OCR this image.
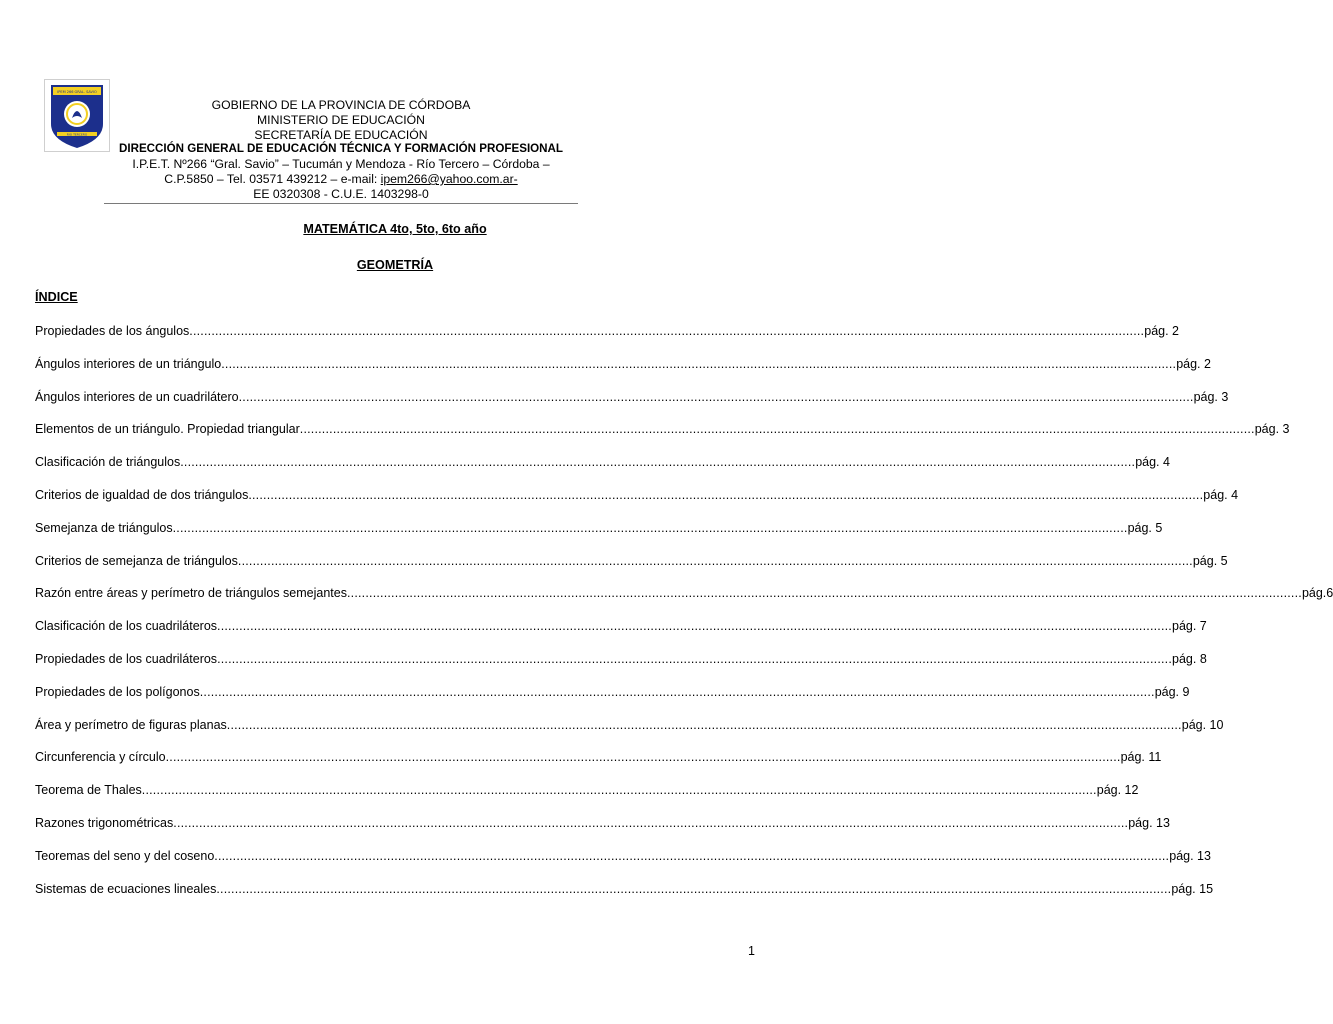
IPEM 266 GRAL. SAVIO
RIO TERCERO
GOBIERNO DE LA PROVINCIA DE CÓRDOBA
MINISTERIO DE EDUCACIÓN
SECRETARÍA DE EDUCACIÓN
DIRECCIÓN GENERAL DE EDUCACIÓN TÉCNICA Y FORMACIÓN PROFESIONAL
I.P.E.T. Nº266 “Gral. Savio” – Tucumán y Mendoza - Río Tercero – Córdoba –
C.P.5850 – Tel. 03571 439212 – e-mail: ipem266@yahoo.com.ar-
EE 0320308 - C.U.E. 1403298-0
MATEMÁTICA 4to, 5to, 6to año
GEOMETRÍA
ÍNDICE
Propiedades de los ángulos .................................................................................................................................................................................................................................................................... pág. 2
Ángulos interiores de un triángulo .................................................................................................................................................................................................................................................................... pág. 2
Ángulos interiores de un cuadrilátero .................................................................................................................................................................................................................................................................... pág. 3
Elementos de un triángulo. Propiedad triangular .................................................................................................................................................................................................................................................................... pág. 3
Clasificación de triángulos .................................................................................................................................................................................................................................................................... pág. 4
Criterios de igualdad de dos triángulos .................................................................................................................................................................................................................................................................... pág. 4
Semejanza de triángulos .................................................................................................................................................................................................................................................................... pág. 5
Criterios de semejanza de triángulos .................................................................................................................................................................................................................................................................... pág. 5
Razón entre áreas y perímetro de triángulos semejantes .................................................................................................................................................................................................................................................................... pág.6
Clasificación de los cuadriláteros .................................................................................................................................................................................................................................................................... pág. 7
Propiedades de los cuadriláteros .................................................................................................................................................................................................................................................................... pág. 8
Propiedades de los polígonos .................................................................................................................................................................................................................................................................... pág. 9
Área y perímetro de figuras planas .................................................................................................................................................................................................................................................................... pág. 10
Circunferencia y círculo .................................................................................................................................................................................................................................................................... pág. 11
Teorema de Thales .................................................................................................................................................................................................................................................................... pág. 12
Razones trigonométricas .................................................................................................................................................................................................................................................................... pág. 13
Teoremas del seno y del coseno .................................................................................................................................................................................................................................................................... pág. 13
Sistemas de ecuaciones lineales .................................................................................................................................................................................................................................................................... pág. 15
1
